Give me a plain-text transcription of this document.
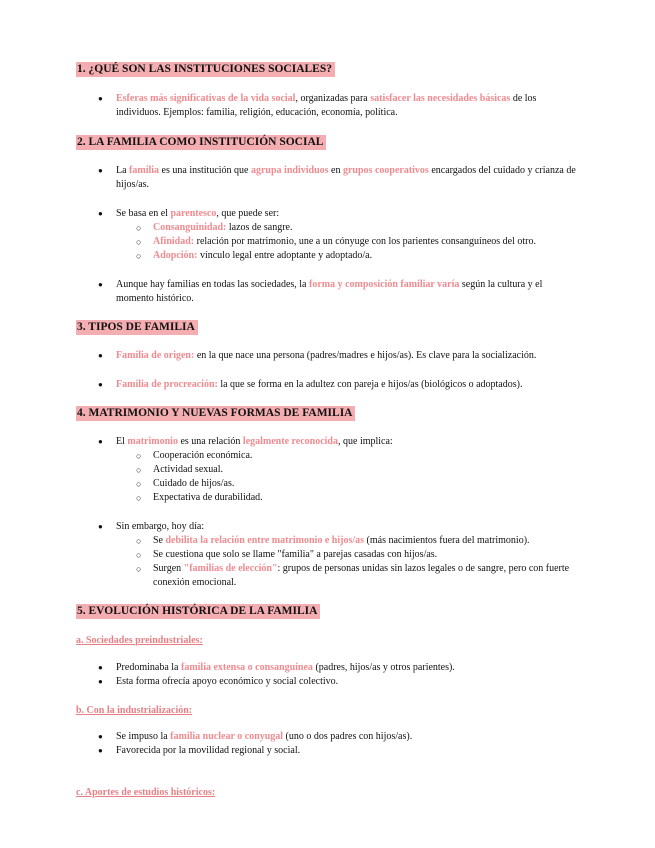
1. ¿QUÉ SON LAS INSTITUCIONES SOCIALES?
● Esferas más significativas de la vida social, organizadas para satisfacer las necesidades básicas de los individuos. Ejemplos: familia, religión, educación, economía, política.
2. LA FAMILIA COMO INSTITUCIÓN SOCIAL
● La familia es una institución que agrupa individuos en grupos cooperativos encargados del cuidado y crianza de hijos/as.
● Se basa en el parentesco, que puede ser:
○ Consanguinidad: lazos de sangre.
○ Afinidad: relación por matrimonio, une a un cónyuge con los parientes consanguíneos del otro.
○ Adopción: vínculo legal entre adoptante y adoptado/a.
● Aunque hay familias en todas las sociedades, la forma y composición familiar varía según la cultura y el momento histórico.
3. TIPOS DE FAMILIA
● Familia de origen: en la que nace una persona (padres/madres e hijos/as). Es clave para la socialización.
● Familia de procreación: la que se forma en la adultez con pareja e hijos/as (biológicos o adoptados).
4. MATRIMONIO Y NUEVAS FORMAS DE FAMILIA
● El matrimonio es una relación legalmente reconocida, que implica:
○ Cooperación económica.
○ Actividad sexual.
○ Cuidado de hijos/as.
○ Expectativa de durabilidad.
● Sin embargo, hoy día:
○ Se debilita la relación entre matrimonio e hijos/as (más nacimientos fuera del matrimonio).
○ Se cuestiona que solo se llame "familia" a parejas casadas con hijos/as.
○ Surgen "familias de elección": grupos de personas unidas sin lazos legales o de sangre, pero con fuerte conexión emocional.
5. EVOLUCIÓN HISTÓRICA DE LA FAMILIA
a. Sociedades preindustriales:
● Predominaba la familia extensa o consanguínea (padres, hijos/as y otros parientes).
● Esta forma ofrecía apoyo económico y social colectivo.
b. Con la industrialización:
● Se impuso la familia nuclear o conyugal (uno o dos padres con hijos/as).
● Favorecida por la movilidad regional y social.
c. Aportes de estudios históricos:
